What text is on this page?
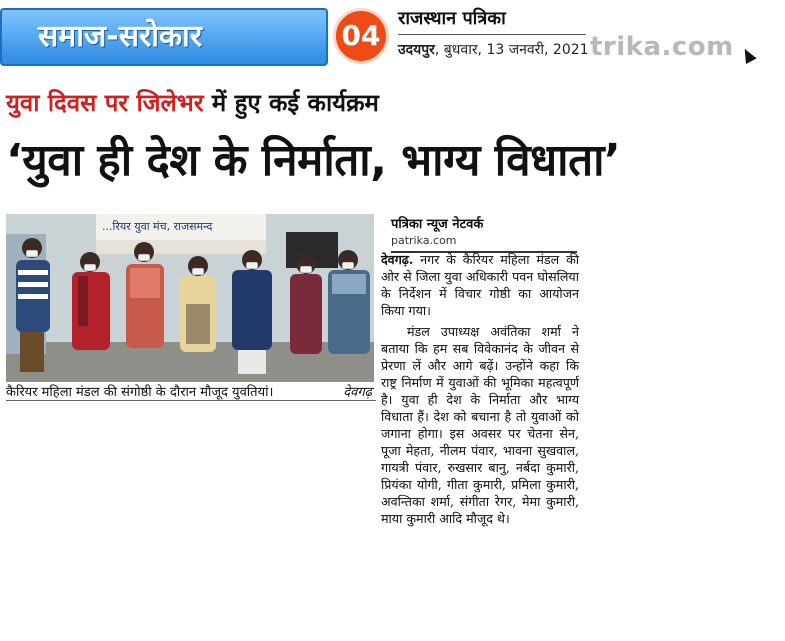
समाज-सरोकार	04
राजस्थान पत्रिका
उदयपुर, बुधवार, 13 जनवरी, 2021 trika.com
युवा दिवस पर जिलेभर में हुए कई कार्यक्रम
‘युवा ही देश के निर्माता, भाग्य विधाता’
...रियर युवा मंच, राजसमन्द
कैरियर महिला मंडल की संगोष्ठी के दौरान मौजूद युवतियां।	देवगढ़
पत्रिका न्यूज नेटवर्क
patrika.com

देवगढ़. नगर के कैरियर महिला मंडल की ओर से जिला युवा अधिकारी पवन घोसलिया के निर्देशन में विचार गोष्ठी का आयोजन किया गया।

मंडल उपाध्यक्ष अवंतिका शर्मा ने बताया कि हम सब विवेकानंद के जीवन से प्रेरणा लें और आगे बढ़ें। उन्होंने कहा कि राष्ट्र निर्माण में युवाओं की भूमिका महत्वपूर्ण है। युवा ही देश के निर्माता और भाग्य विधाता हैं। देश को बचाना है तो युवाओं को जगाना होगा। इस अवसर पर चेतना सेन, पूजा मेहता, नीलम पंवार, भावना सुखवाल, गायत्री पंवार, रुखसार बानु, नर्बदा कुमारी, प्रियंका योगी, गीता कुमारी, प्रमिला कुमारी, अवन्तिका शर्मा, संगीता रेगर, मेमा कुमारी, माया कुमारी आदि मौजूद थे।
